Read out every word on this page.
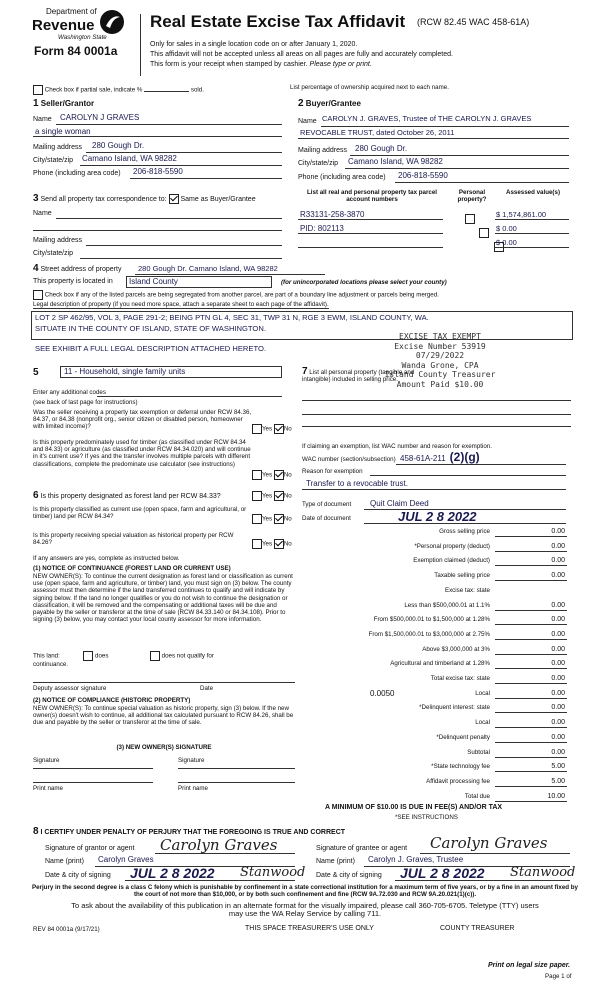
Department of
Revenue
Washington State
Form 84 0001a
Real Estate Excise Tax Affidavit (RCW 82.45 WAC 458-61A)
Only for sales in a single location code on or after January 1, 2020.
This affidavit will not be accepted unless all areas on all pages are fully and accurately completed.
This form is your receipt when stamped by cashier. Please type or print.
Check box if partial sale, indicate %	sold.	List percentage of ownership acquired next to each name.
1 Seller/Grantor
Name CAROLYN J GRAVES
a single woman
Mailing address 280 Gough Dr.
City/state/zip Camano Island, WA 98282
Phone (including area code) 206-818-5590
2 Buyer/Grantee
Name CAROLYN J. GRAVES, Trustee of THE CAROLYN J. GRAVES
REVOCABLE TRUST, dated October 26, 2011
Mailing address 280 Gough Dr.
City/state/zip Camano Island, WA 98282
Phone (including area code) 206-818-5590
3 Send all property tax correspondence to: Same as Buyer/Grantee
Name
Mailing address
City/state/zip
List all real and personal property tax parcel account numbers
Personal property?
Assessed value(s)
R33131-258-3870
	$ 1,574,861.00
PID: 802113
	$ 0.00
$ 0.00
4 Street address of property 280 Gough Dr. Camano Island, WA 98282
This property is located in Island County	(for unincorporated locations please select your county)
Check box if any of the listed parcels are being segregated from another parcel, are part of a boundary line adjustment or parcels being merged.
Legal description of property (if you need more space, attach a separate sheet to each page of the affidavit).
LOT 2 SP 462/95, VOL 3, PAGE 291-2; BEING PTN GL 4, SEC 31, TWP 31 N, RGE 3 EWM, ISLAND COUNTY, WA.
SITUATE IN THE COUNTY OF ISLAND, STATE OF WASHINGTON.
SEE EXHIBIT A FULL LEGAL DESCRIPTION ATTACHED HERETO.
EXCISE TAX EXEMPT
Excise Number 53919
07/29/2022
Wanda Grone, CPA
Island County Treasurer
Amount Paid $10.00
5	11 - Household, single family units
Enter any additional codes
(see back of last page for instructions)
Was the seller receiving a property tax exemption or deferral under RCW 84.36, 84.37, or 84.38 (nonprofit org., senior citizen or disabled person, homeowner with limited income)?	Yes No
Is this property predominately used for timber (as classified under RCW 84.34 and 84.33) or agriculture (as classified under RCW 84.34.020) and will continue in it's current use? If yes and the transfer involves multiple parcels with different classifications, complete the predominate use calculator (see instructions)
Yes No
6 Is this property designated as forest land per RCW 84.33?	Yes No
Is this property classified as current use (open space, farm and agricultural, or timber) land per RCW 84.34?	Yes No
Is this property receiving special valuation as historical property per RCW 84.26?	Yes No
If any answers are yes, complete as instructed below.
(1) NOTICE OF CONTINUANCE (FOREST LAND OR CURRENT USE)
NEW OWNER(S): To continue the current designation as forest land or classification as current use (open space, farm and agriculture, or timber) land, you must sign on (3) below. The county assessor must then determine if the land transferred continues to qualify and will indicate by signing below. If the land no longer qualifies or you do not wish to continue the designation or classification, it will be removed and the compensating or additional taxes will be due and payable by the seller or transferor at the time of sale (RCW 84.33.140 or 84.34.108). Prior to signing (3) below, you may contact your local county assessor for more information.
This land:	does	does not qualify for
continuance.
Deputy assessor signature	Date
(2) NOTICE OF COMPLIANCE (HISTORIC PROPERTY)
NEW OWNER(S): To continue special valuation as historic property, sign (3) below. If the new owner(s) doesn't wish to continue, all additional tax calculated pursuant to RCW 84.26, shall be due and payable by the seller or transferor at the time of sale.
(3) NEW OWNER(S) SIGNATURE
Signature	Signature
Print name	Print name
7 List all personal property (tangible and intangible) included in selling price.
If claiming an exemption, list WAC number and reason for exemption.
WAC number (section/subsection) 458-61A-211 (2)(g)
Reason for exemption
Transfer to a revocable trust.
Type of document Quit Claim Deed
Date of document	JUL 2 8 2022
Gross selling price	0.00
*Personal property (deduct)	0.00
Exemption claimed (deduct)	0.00
Taxable selling price	0.00
Excise tax: state
Less than $500,000.01 at 1.1%	0.00
From $500,000.01 to $1,500,000 at 1.28%	0.00
From $1,500,000.01 to $3,000,000 at 2.75%	0.00
Above $3,000,000 at 3%	0.00
Agricultural and timberland at 1.28%	0.00
Total excise tax: state	0.00
Local
0.0050	0.00
*Delinquent interest: state	0.00
Local	0.00
*Delinquent penalty	0.00
Subtotal	0.00
*State technology fee	5.00
Affidavit processing fee	5.00
Total due	10.00
A MINIMUM OF $10.00 IS DUE IN FEE(S) AND/OR TAX
*SEE INSTRUCTIONS
8 I CERTIFY UNDER PENALTY OF PERJURY THAT THE FOREGOING IS TRUE AND CORRECT
Signature of grantor or agent Carolyn Graves
Name (print) Carolyn Graves
Date & city of signing JUL 2 8 2022 Stanwood
Signature of grantee or agent Carolyn Graves
Name (print) Carolyn J. Graves, Trustee
Date & city of signing JUL 2 8 2022 Stanwood
Perjury in the second degree is a class C felony which is punishable by confinement in a state correctional institution for a maximum term of five years, or by a fine in an amount fixed by the court of not more than $10,000, or by both such confinement and fine (RCW 9A.72.030 and RCW 9A.20.021(1)(c)).
To ask about the availability of this publication in an alternate format for the visually impaired, please call 360-705-6705. Teletype (TTY) users may use the WA Relay Service by calling 711.
REV 84 0001a (9/17/21)	THIS SPACE TREASURER'S USE ONLY	COUNTY TREASURER
Print on legal size paper.
Page 1 of
